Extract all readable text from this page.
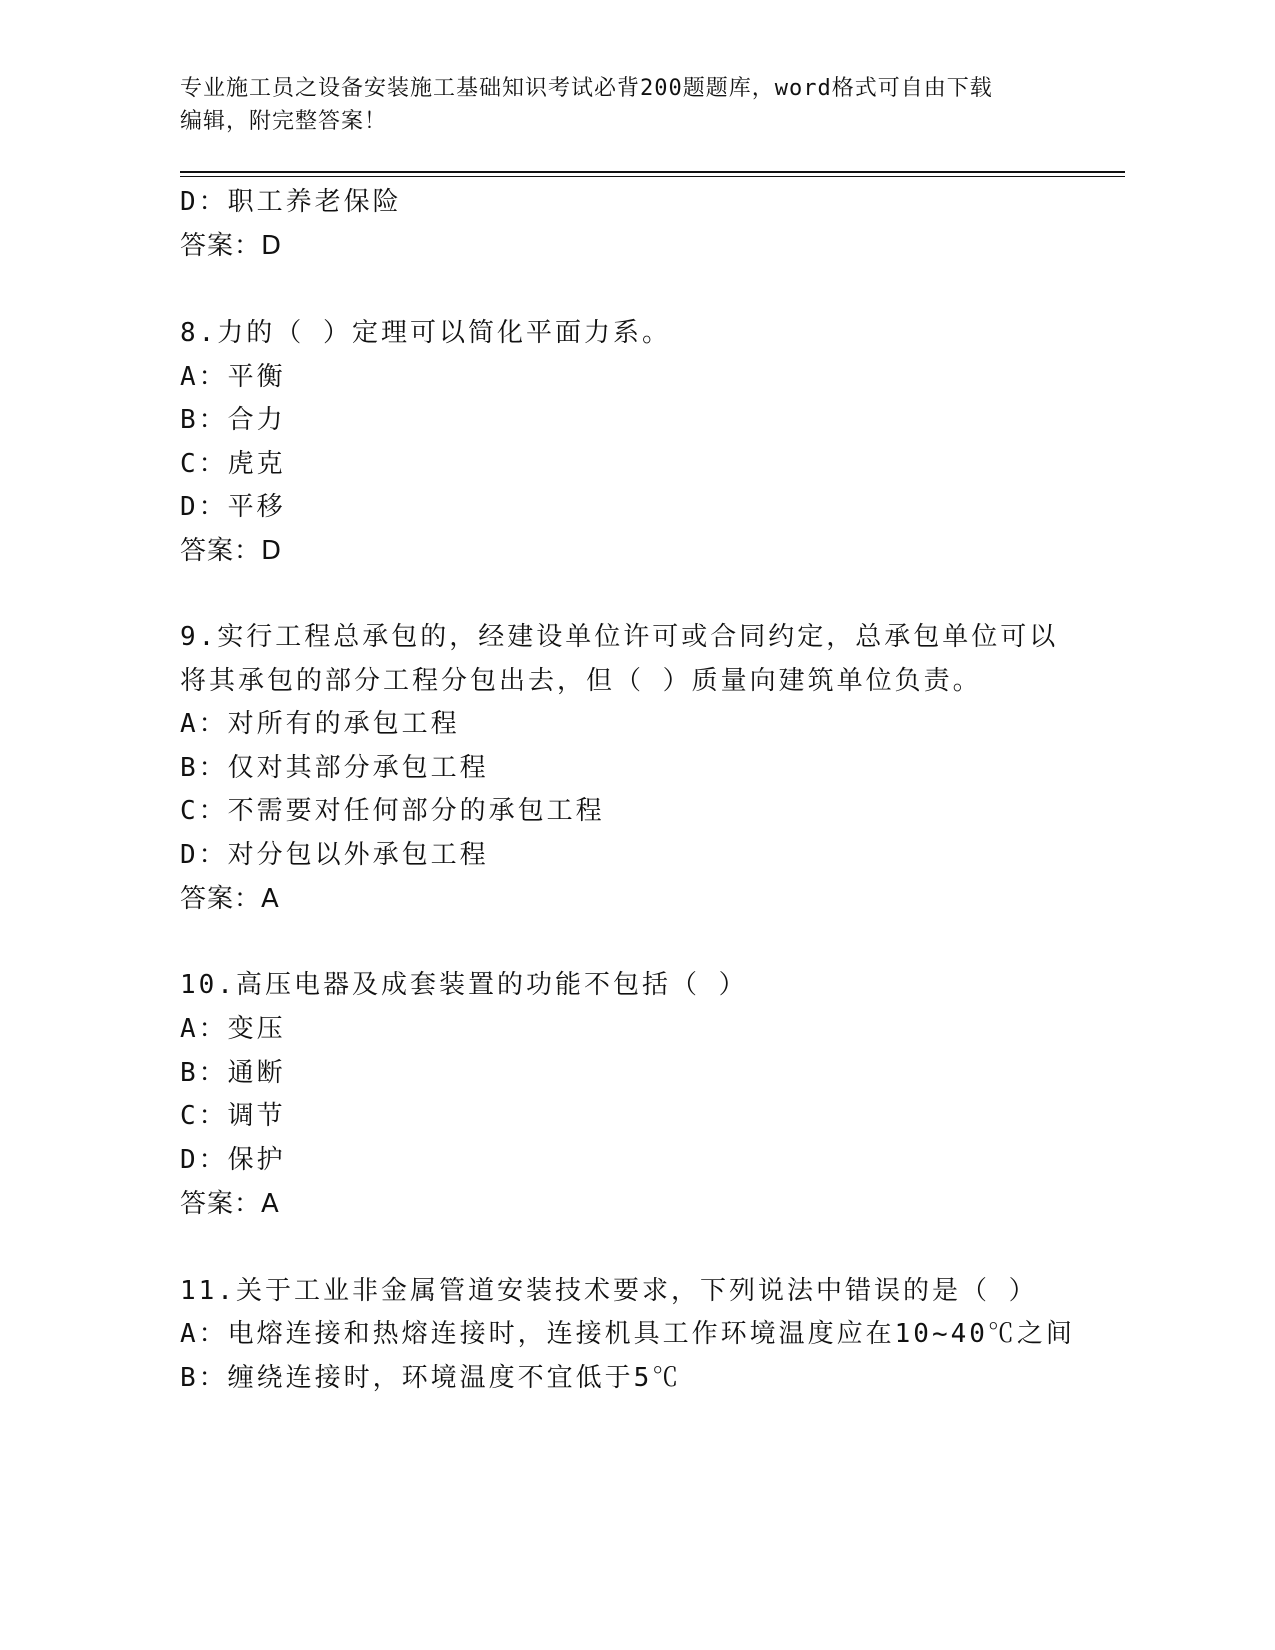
专业施工员之设备安装施工基础知识考试必背200题题库，word格式可自由下载
编辑，附完整答案！
D：职工养老保险
答案：D
8.力的（ ）定理可以简化平面力系。
A：平衡
B：合力
C：虎克
D：平移
答案：D
9.实行工程总承包的，经建设单位许可或合同约定，总承包单位可以
将其承包的部分工程分包出去，但（ ）质量向建筑单位负责。
A：对所有的承包工程
B：仅对其部分承包工程
C：不需要对任何部分的承包工程
D：对分包以外承包工程
答案：A
10.高压电器及成套装置的功能不包括（ ）
A：变压
B：通断
C：调节
D：保护
答案：A
11.关于工业非金属管道安装技术要求，下列说法中错误的是（ ）
A：电熔连接和热熔连接时，连接机具工作环境温度应在10~40℃之间
B：缠绕连接时，环境温度不宜低于5℃
